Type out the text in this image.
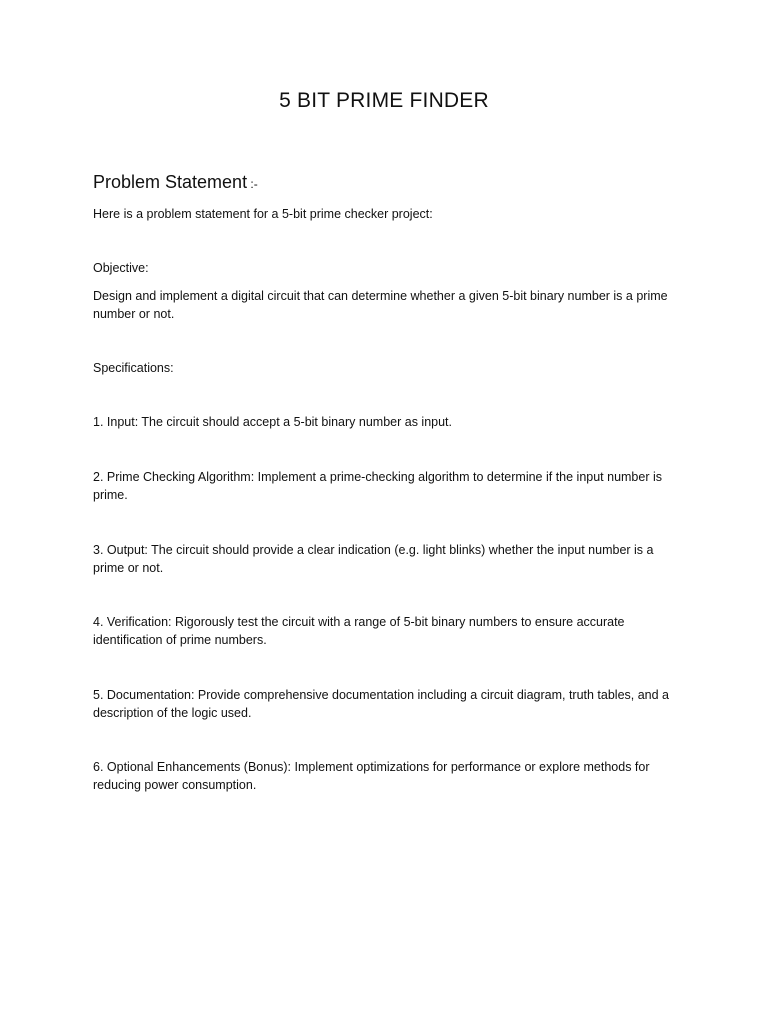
5 BIT PRIME FINDER
Problem Statement :-
Here is a problem statement for a 5-bit prime checker project:
Objective:
Design and implement a digital circuit that can determine whether a given 5-bit binary number is a prime number or not.
Specifications:
1. Input: The circuit should accept a 5-bit binary number as input.
2. Prime Checking Algorithm: Implement a prime-checking algorithm to determine if the input number is prime.
3. Output: The circuit should provide a clear indication (e.g. light blinks) whether the input number is a prime or not.
4. Verification: Rigorously test the circuit with a range of 5-bit binary numbers to ensure accurate identification of prime numbers.
5. Documentation: Provide comprehensive documentation including a circuit diagram, truth tables, and a description of the logic used.
6. Optional Enhancements (Bonus): Implement optimizations for performance or explore methods for reducing power consumption.
